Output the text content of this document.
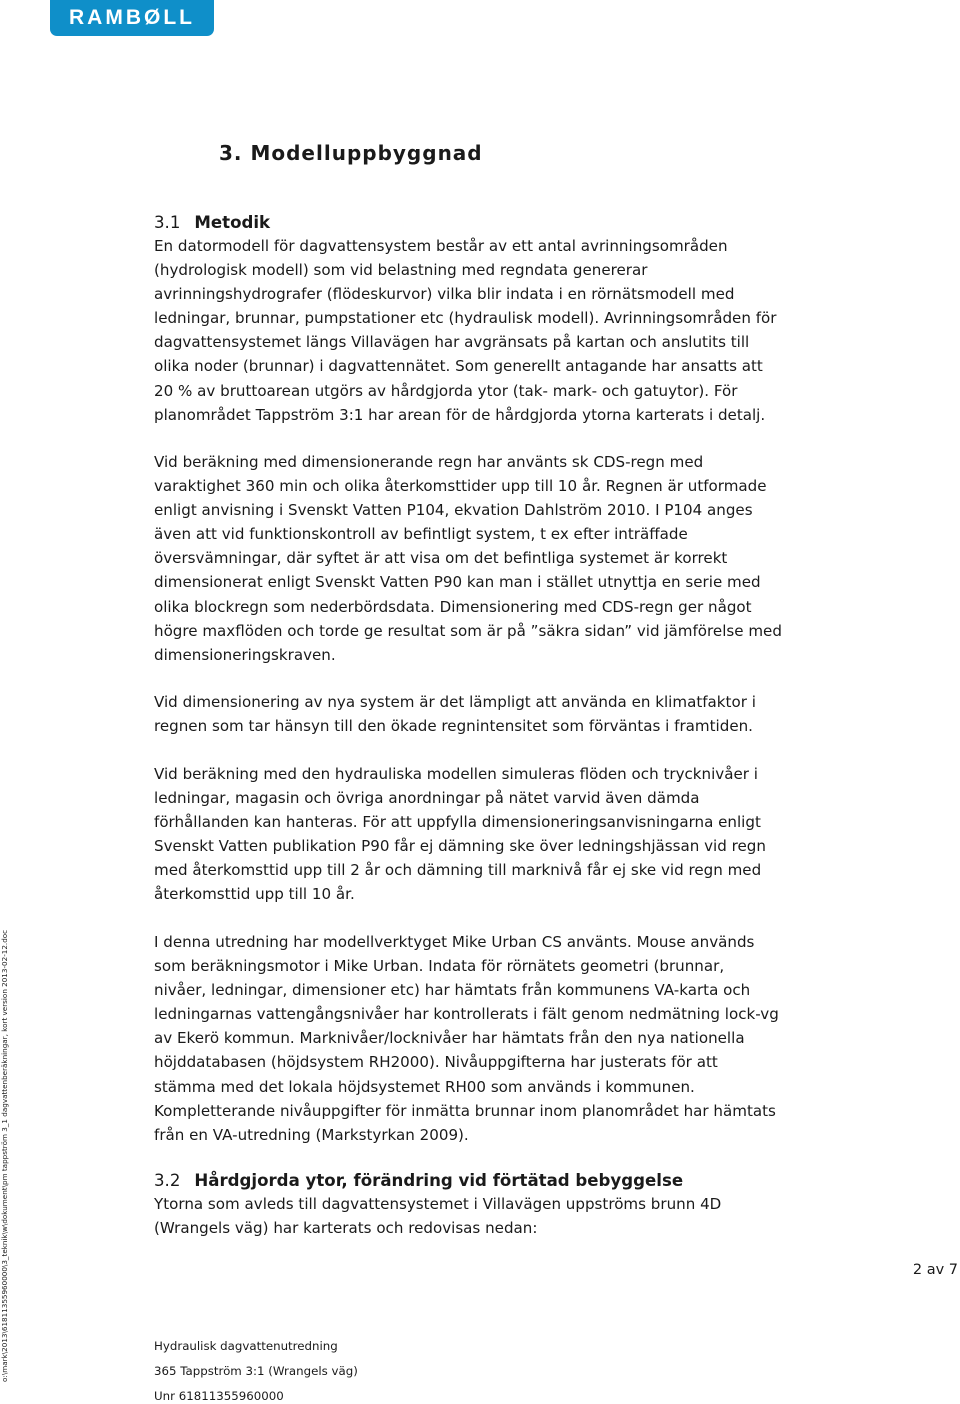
RAMBØLL
3. Modelluppbyggnad
3.1 Metodik

En datormodell för dagvattensystem består av ett antal avrinningsområden
(hydrologisk modell) som vid belastning med regndata genererar
avrinningshydrografer (flödeskurvor) vilka blir indata i en rörnätsmodell med
ledningar, brunnar, pumpstationer etc (hydraulisk modell). Avrinningsområden för
dagvattensystemet längs Villavägen har avgränsats på kartan och anslutits till
olika noder (brunnar) i dagvattennätet. Som generellt antagande har ansatts att
20 % av bruttoarean utgörs av hårdgjorda ytor (tak- mark- och gatuytor). För
planområdet Tappström 3:1 har arean för de hårdgjorda ytorna karterats i detalj.

Vid beräkning med dimensionerande regn har använts sk CDS-regn med
varaktighet 360 min och olika återkomsttider upp till 10 år. Regnen är utformade
enligt anvisning i Svenskt Vatten P104, ekvation Dahlström 2010. I P104 anges
även att vid funktionskontroll av befintligt system, t ex efter inträffade
översvämningar, där syftet är att visa om det befintliga systemet är korrekt
dimensionerat enligt Svenskt Vatten P90 kan man i stället utnyttja en serie med
olika blockregn som nederbördsdata. Dimensionering med CDS-regn ger något
högre maxflöden och torde ge resultat som är på ”säkra sidan” vid jämförelse med
dimensioneringskraven.

Vid dimensionering av nya system är det lämpligt att använda en klimatfaktor i
regnen som tar hänsyn till den ökade regnintensitet som förväntas i framtiden.

Vid beräkning med den hydrauliska modellen simuleras flöden och trycknivåer i
ledningar, magasin och övriga anordningar på nätet varvid även dämda
förhållanden kan hanteras. För att uppfylla dimensioneringsanvisningarna enligt
Svenskt Vatten publikation P90 får ej dämning ske över ledningshjässan vid regn
med återkomsttid upp till 2 år och dämning till marknivå får ej ske vid regn med
återkomsttid upp till 10 år.

I denna utredning har modellverktyget Mike Urban CS använts. Mouse används
som beräkningsmotor i Mike Urban. Indata för rörnätets geometri (brunnar,
nivåer, ledningar, dimensioner etc) har hämtats från kommunens VA-karta och
ledningarnas vattengångsnivåer har kontrollerats i fält genom nedmätning lock-vg
av Ekerö kommun. Marknivåer/locknivåer har hämtats från den nya nationella
höjddatabasen (höjdsystem RH2000). Nivåuppgifterna har justerats för att
stämma med det lokala höjdsystemet RH00 som används i kommunen.
Kompletterande nivåuppgifter för inmätta brunnar inom planområdet har hämtats
från en VA-utredning (Markstyrkan 2009).

3.2 Hårdgjorda ytor, förändring vid förtätad bebyggelse

Ytorna som avleds till dagvattensystemet i Villavägen uppströms brunn 4D
(Wrangels väg) har karterats och redovisas nedan:

o:\mark\2013\61811355960000\3_teknik\w\dokument\pm tappström 3_1 dagvattenberäkningar, kort version 2013-02-12.doc	2 av 7
Hydraulisk dagvattenutredning
365 Tappström 3:1 (Wrangels väg)
Unr 61811355960000
